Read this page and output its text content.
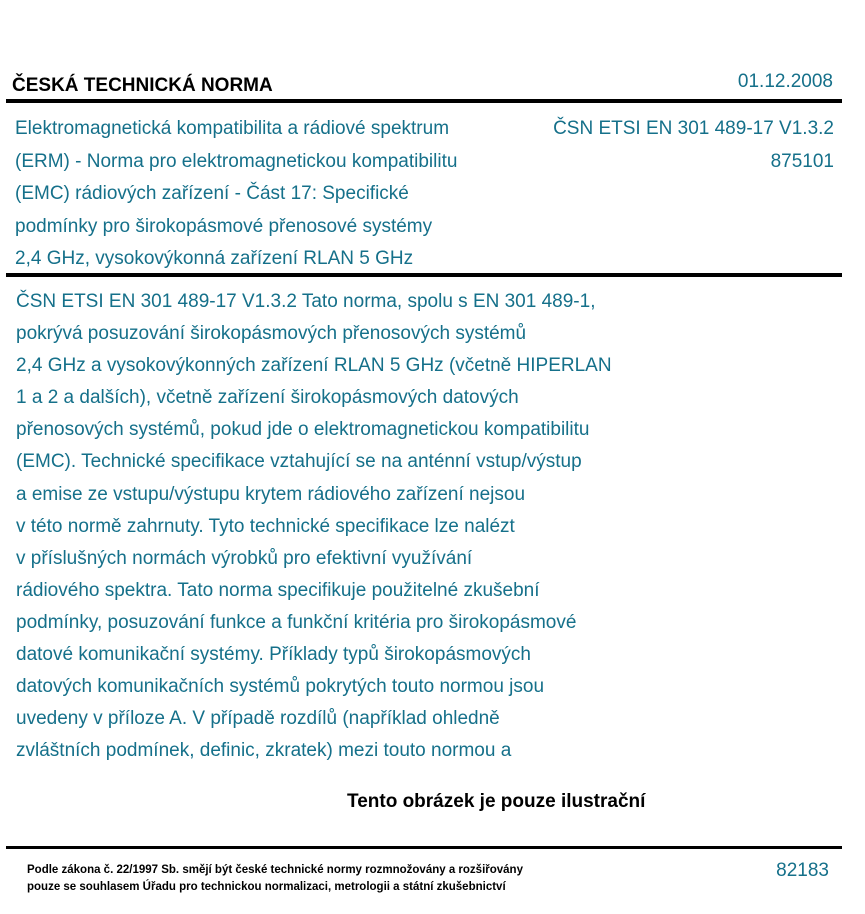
ČESKÁ TECHNICKÁ NORMA	01.12.2008
Elektromagnetická kompatibilita a rádiové spektrum
(ERM) - Norma pro elektromagnetickou kompatibilitu
(EMC) rádiových zařízení - Část 17: Specifické
podmínky pro širokopásmové přenosové systémy
2,4 GHz, vysokovýkonná zařízení RLAN 5 GHz
ČSN ETSI EN 301 489-17 V1.3.2
875101
ČSN ETSI EN 301 489-17 V1.3.2 Tato norma, spolu s EN 301 489-1,
pokrývá posuzování širokopásmových přenosových systémů
2,4 GHz a vysokovýkonných zařízení RLAN 5 GHz (včetně HIPERLAN
1 a 2 a dalších), včetně zařízení širokopásmových datových
přenosových systémů, pokud jde o elektromagnetickou kompatibilitu
(EMC). Technické specifikace vztahující se na anténní vstup/výstup
a emise ze vstupu/výstupu krytem rádiového zařízení nejsou
v této normě zahrnuty. Tyto technické specifikace lze nalézt
v příslušných normách výrobků pro efektivní využívání
rádiového spektra. Tato norma specifikuje použitelné zkušební
podmínky, posuzování funkce a funkční kritéria pro širokopásmové
datové komunikační systémy. Příklady typů širokopásmových
datových komunikačních systémů pokrytých touto normou jsou
uvedeny v příloze A. V případě rozdílů (například ohledně
zvláštních podmínek, definic, zkratek) mezi touto normou a
Tento obrázek je pouze ilustrační
Podle zákona č. 22/1997 Sb. smějí být české technické normy rozmnožovány a rozšiřovány
pouze se souhlasem Úřadu pro technickou normalizaci, metrologii a státní zkušebnictví
82183
